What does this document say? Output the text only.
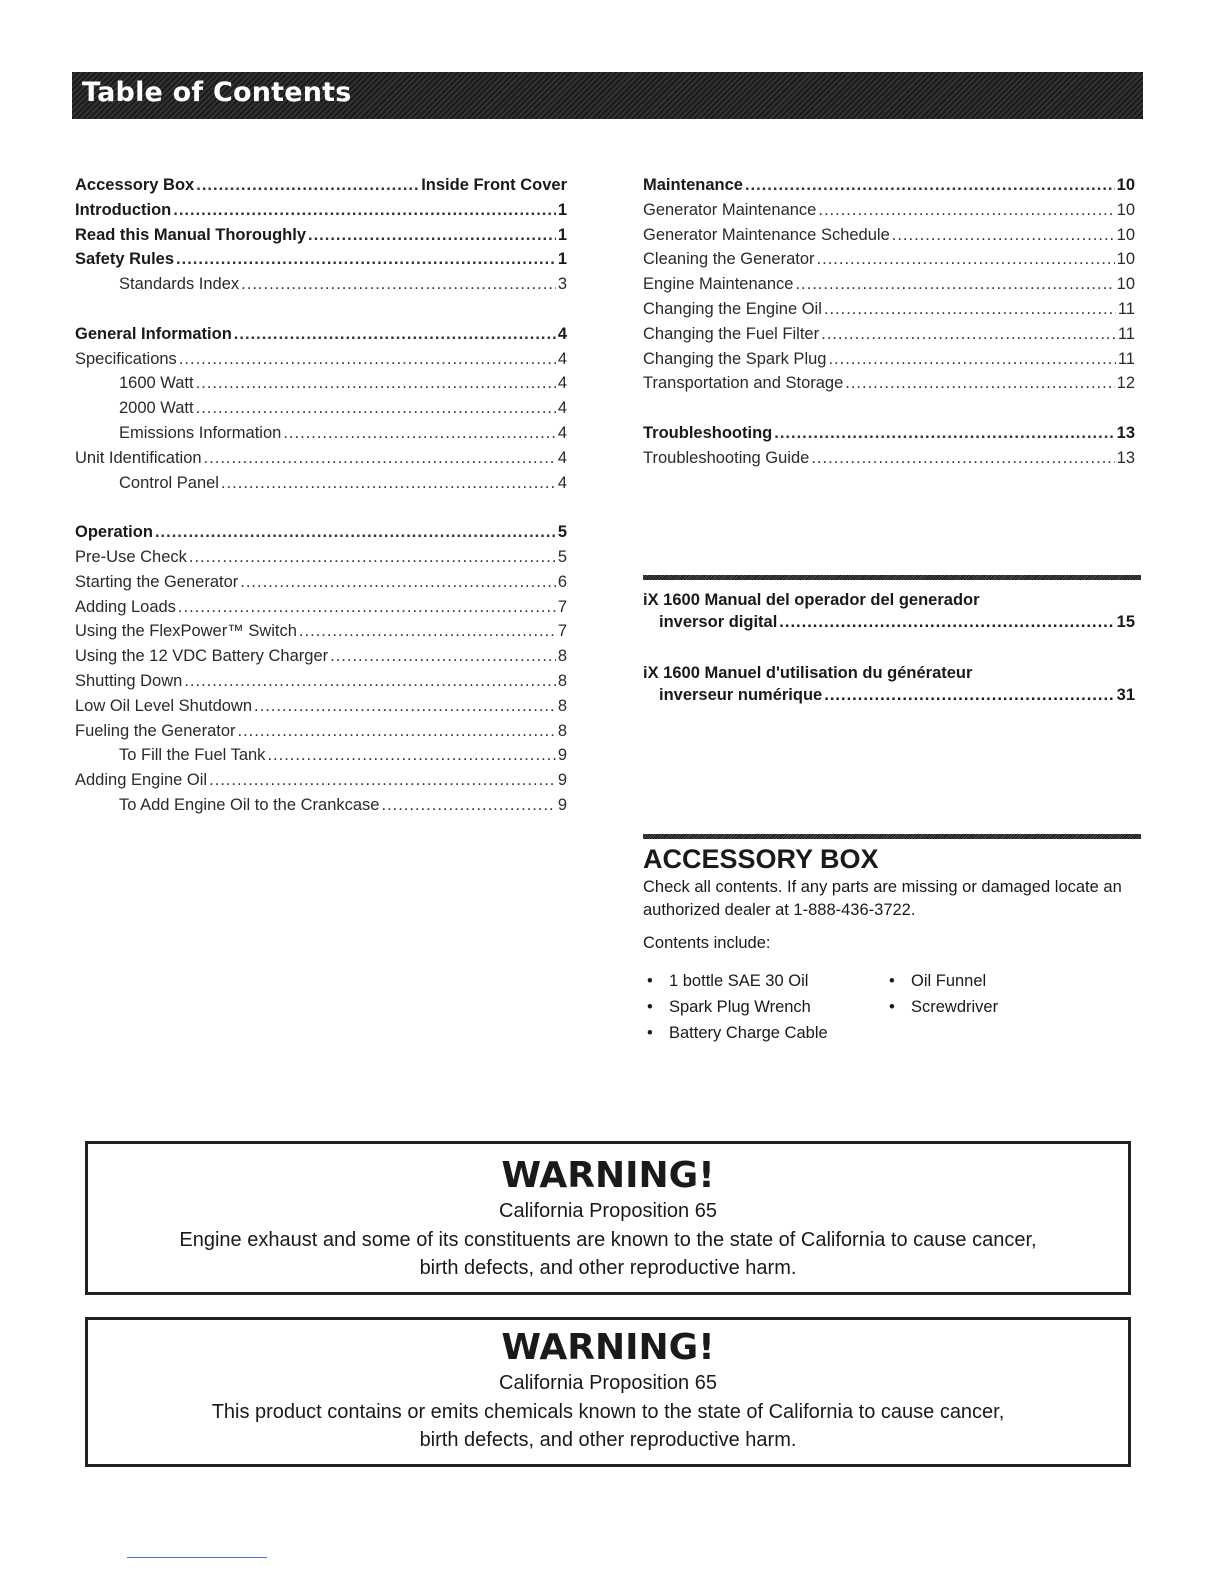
Table of Contents
Accessory Box .....	Inside Front Cover
Introduction .....	1
Read this Manual Thoroughly .....	1
Safety Rules .....	1
Standards Index .....	3
General Information .....	4
Specifications .....	4
1600 Watt .....	4
2000 Watt .....	4
Emissions Information .....	4
Unit Identification .....	4
Control Panel .....	4
Operation .....	5
Pre-Use Check .....	5
Starting the Generator .....	6
Adding Loads .....	7
Using the FlexPower™ Switch .....	7
Using the 12 VDC Battery Charger .....	8
Shutting Down .....	8
Low Oil Level Shutdown .....	8
Fueling the Generator .....	8
To Fill the Fuel Tank .....	9
Adding Engine Oil .....	9
To Add Engine Oil to the Crankcase .....	9
Maintenance .....	10
Generator Maintenance .....	10
Generator Maintenance Schedule .....	10
Cleaning the Generator .....	10
Engine Maintenance .....	10
Changing the Engine Oil .....	11
Changing the Fuel Filter .....	11
Changing the Spark Plug .....	11
Transportation and Storage .....	12
Troubleshooting .....	13
Troubleshooting Guide .....	13
iX 1600 Manual del operador del generador
inversor digital .....	15
iX 1600 Manuel d'utilisation du générateur
inverseur numérique .....	31
ACCESSORY BOX

Check all contents. If any parts are missing or damaged locate an authorized dealer at 1-888-436-3722.

Contents include:

• 1 bottle SAE 30 Oil	• Oil Funnel
• Spark Plug Wrench	• Screwdriver
• Battery Charge Cable
WARNING!
California Proposition 65
Engine exhaust and some of its constituents are known to the state of California to cause cancer,
birth defects, and other reproductive harm.
WARNING!
California Proposition 65
This product contains or emits chemicals known to the state of California to cause cancer,
birth defects, and other reproductive harm.
